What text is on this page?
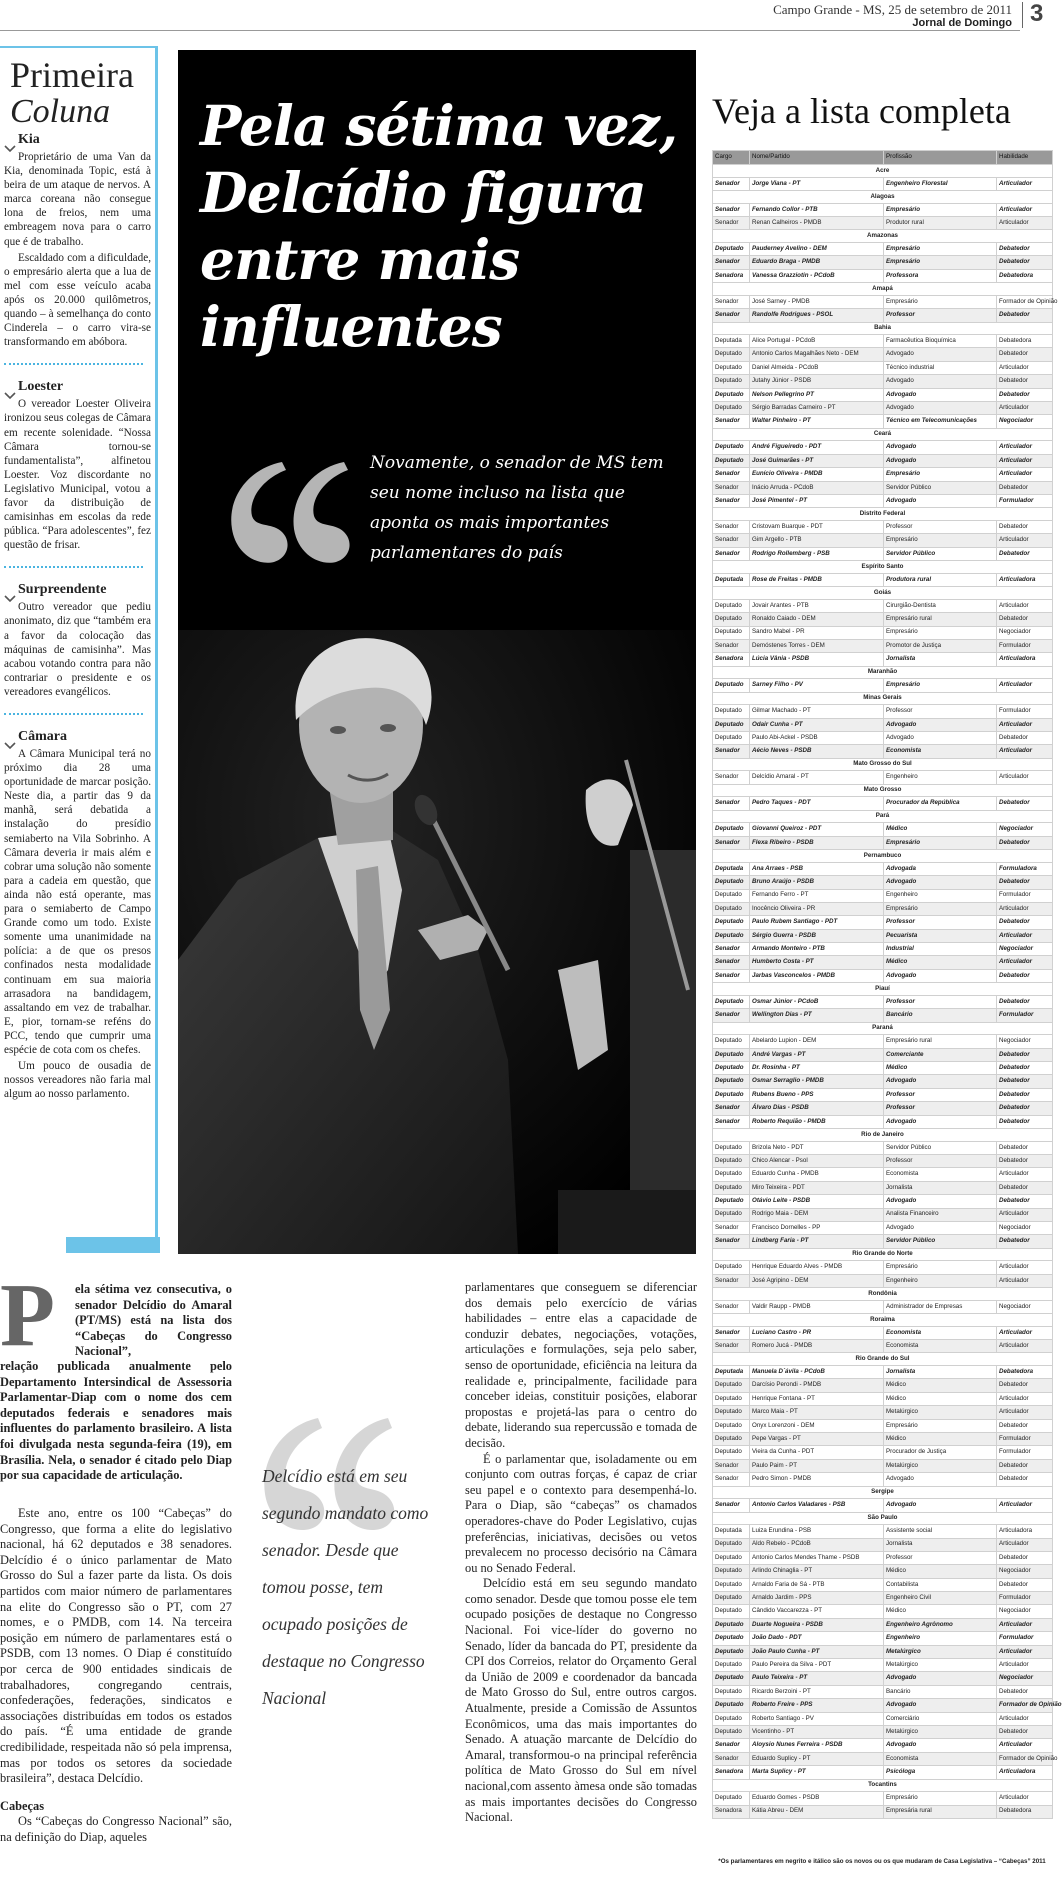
Campo Grande - MS, 25 de setembro de 2011
Jornal de Domingo 3
Primeira
Coluna
Kia

Proprietário de uma Van da Kia, denominada Topic, está à beira de um ataque de nervos. A marca coreana não consegue lona de freios, nem uma embreagem nova para o carro que é de trabalho.

Escaldado com a dificuldade, o empresário alerta que a lua de mel com esse veículo acaba após os 20.000 quilômetros, quando – à semelhança do conto Cinderela – o carro vira-se transformando em abóbora.

Loester

O vereador Loester Oliveira ironizou seus colegas de Câmara em recente solenidade. “Nossa Câmara tornou-se fundamentalista”, alfinetou Loester. Voz discordante no Legislativo Municipal, votou a favor da distribuição de camisinhas em escolas da rede pública. “Para adolescentes”, fez questão de frisar.

Surpreendente

Outro vereador que pediu anonimato, diz que “também era a favor da colocação das máquinas de camisinha”. Mas acabou votando contra para não contrariar o presidente e os vereadores evangélicos.

Câmara

A Câmara Municipal terá no próximo dia 28 uma oportunidade de marcar posição. Neste dia, a partir das 9 da manhã, será debatida a instalação do presídio semiaberto na Vila Sobrinho. A Câmara deveria ir mais além e cobrar uma solução não somente para a cadeia em questão, que ainda não está operante, mas para o semiaberto de Campo Grande como um todo. Existe somente uma unanimidade na polícia: a de que os presos confinados nesta modalidade continuam em sua maioria arrasadora na bandidagem, assaltando em vez de trabalhar. E, pior, tornam-se reféns do PCC, tendo que cumprir uma espécie de cota com os chefes.

Um pouco de ousadia de nossos vereadores não faria mal algum ao nosso parlamento.

Pela sétima vez, Delcídio figura entre mais influentes
Novamente, o senador de MS tem seu nome incluso na lista que aponta os mais importantes parlamentares do país
Veja a lista completa
Cargo	Nome/Partido	Profissão	Habilidade
Acre			
Senador	Jorge Viana - PT	Engenheiro Florestal	Articulador
Alagoas			
Senador	Fernando Collor - PTB	Empresário	Articulador
Senador	Renan Calheiros - PMDB	Produtor rural	Articulador
Amazonas			
Deputado	Pauderney Avelino - DEM	Empresário	Debatedor
Senador	Eduardo Braga - PMDB	Empresário	Debatedor
Senadora	Vanessa Grazziotin - PCdoB	Professora	Debatedora
Amapá			
Senador	José Sarney - PMDB	Empresário	Formador de Opinião
Senador	Randolfe Rodrigues - PSOL	Professor	Debatedor
Bahia			
Deputada	Alice Portugal - PCdoB	Farmacêutica Bioquímica	Debatedora
Deputado	Antonio Carlos Magalhães Neto - DEM	Advogado	Debatedor
Deputado	Daniel Almeida - PCdoB	Técnico industrial	Articulador
Deputado	Jutahy Júnior - PSDB	Advogado	Debatedor
Deputado	Nelson Pellegrino PT	Advogado	Debatedor
Deputado	Sérgio Barradas Carneiro - PT	Advogado	Articulador
Senador	Walter Pinheiro - PT	Técnico em Telecomunicações	Negociador
Ceará			
Deputado	André Figueiredo - PDT	Advogado	Articulador
Deputado	José Guimarães - PT	Advogado	Articulador
Senador	Eunício Oliveira - PMDB	Empresário	Articulador
Senador	Inácio Arruda - PCdoB	Servidor Público	Debatedor
Senador	José Pimentel - PT	Advogado	Formulador
Distrito Federal			
Senador	Cristovam Buarque - PDT	Professor	Debatedor
Senador	Gim Argello - PTB	Empresário	Articulador
Senador	Rodrigo Rollemberg - PSB	Servidor Público	Debatedor
Espírito Santo			
Deputada	Rose de Freitas - PMDB	Produtora rural	Articuladora
Goiás			
Deputado	Jovair Arantes - PTB	Cirurgião-Dentista	Articulador
Deputado	Ronaldo Caiado - DEM	Empresário rural	Debatedor
Deputado	Sandro Mabel - PR	Empresário	Negociador
Senador	Demóstenes Torres - DEM	Promotor de Justiça	Formulador
Senadora	Lúcia Vânia - PSDB	Jornalista	Articuladora
Maranhão			
Deputado	Sarney Filho - PV	Empresário	Articulador
Minas Gerais			
Deputado	Gilmar Machado - PT	Professor	Formulador
Deputado	Odair Cunha - PT	Advogado	Articulador
Deputado	Paulo Abi-Ackel - PSDB	Advogado	Debatedor
Senador	Aécio Neves - PSDB	Economista	Articulador
Mato Grosso do Sul			
Senador	Delcídio Amaral - PT	Engenheiro	Articulador
Mato Grosso			
Senador	Pedro Taques - PDT	Procurador da República	Debatedor
Pará			
Deputado	Giovanni Queiroz - PDT	Médico	Negociador
Senador	Flexa Ribeiro - PSDB	Empresário	Debatedor
Pernambuco			
Deputada	Ana Arraes - PSB	Advogada	Formuladora
Deputado	Bruno Araújo - PSDB	Advogado	Debatedor
Deputado	Fernando Ferro - PT	Engenheiro	Formulador
Deputado	Inocêncio Oliveira - PR	Empresário	Articulador
Deputado	Paulo Rubem Santiago - PDT	Professor	Debatedor
Deputado	Sérgio Guerra - PSDB	Pecuarista	Articulador
Senador	Armando Monteiro - PTB	Industrial	Negociador
Senador	Humberto Costa - PT	Médico	Articulador
Senador	Jarbas Vasconcelos - PMDB	Advogado	Debatedor
Piauí			
Deputado	Osmar Júnior - PCdoB	Professor	Debatedor
Senador	Wellington Dias - PT	Bancário	Formulador
Paraná			
Deputado	Abelardo Lupion - DEM	Empresário rural	Negociador
Deputado	André Vargas - PT	Comerciante	Debatedor
Deputado	Dr. Rosinha - PT	Médico	Debatedor
Deputado	Osmar Serraglio - PMDB	Advogado	Debatedor
Deputado	Rubens Bueno - PPS	Professor	Debatedor
Senador	Álvaro Dias - PSDB	Professor	Debatedor
Senador	Roberto Requião - PMDB	Advogado	Debatedor
Rio de Janeiro			
Deputado	Brizola Neto - PDT	Servidor Público	Debatedor
Deputado	Chico Alencar - Psol	Professor	Debatedor
Deputado	Eduardo Cunha - PMDB	Economista	Articulador
Deputado	Miro Teixeira - PDT	Jornalista	Debatedor
Deputado	Otávio Leite - PSDB	Advogado	Debatedor
Deputado	Rodrigo Maia - DEM	Analista Financeiro	Articulador
Senador	Francisco Dornelles - PP	Advogado	Negociador
Senador	Lindberg Faria - PT	Servidor Público	Debatedor
Rio Grande do Norte			
Deputado	Henrique Eduardo Alves - PMDB	Empresário	Articulador
Senador	José Agripino - DEM	Engenheiro	Articulador
Rondônia			
Senador	Valdir Raupp - PMDB	Administrador de Empresas	Negociador
Roraima			
Senador	Luciano Castro - PR	Economista	Articulador
Senador	Romero Jucá - PMDB	Economista	Articulador
Rio Grande do Sul			
Deputada	Manuela D´ávila - PCdoB	Jornalista	Debatedora
Deputado	Darcísio Perondi - PMDB	Médico	Debatedor
Deputado	Henrique Fontana - PT	Médico	Articulador
Deputado	Marco Maia - PT	Metalúrgico	Articulador
Deputado	Onyx Lorenzoni - DEM	Empresário	Debatedor
Deputado	Pepe Vargas - PT	Médico	Formulador
Deputado	Vieira da Cunha - PDT	Procurador de Justiça	Formulador
Senador	Paulo Paim - PT	Metalúrgico	Debatedor
Senador	Pedro Simon - PMDB	Advogado	Debatedor
Sergipe			
Senador	Antonio Carlos Valadares - PSB	Advogado	Articulador
São Paulo			
Deputada	Luiza Erundina - PSB	Assistente social	Articuladora
Deputado	Aldo Rebelo - PCdoB	Jornalista	Articulador
Deputado	Antonio Carlos Mendes Thame - PSDB	Professor	Debatedor
Deputado	Arlindo Chinaglia - PT	Médico	Negociador
Deputado	Arnaldo Faria de Sá - PTB	Contabilista	Debatedor
Deputado	Arnaldo Jardim - PPS	Engenheiro Civil	Formulador
Deputado	Cândido Vaccarezza - PT	Médico	Negociador
Deputado	Duarte Nogueira - PSDB	Engenheiro Agrônomo	Articulador
Deputado	João Dado - PDT	Engenheiro	Formulador
Deputado	João Paulo Cunha - PT	Metalúrgico	Articulador
Deputado	Paulo Pereira da Silva - PDT	Metalúrgico	Articulador
Deputado	Paulo Teixeira - PT	Advogado	Negociador
Deputado	Ricardo Berzoini - PT	Bancário	Debatedor
Deputado	Roberto Freire - PPS	Advogado	Formador de Opinião
Deputado	Roberto Santiago - PV	Comerciário	Articulador
Deputado	Vicentinho - PT	Metalúrgico	Debatedor
Senador	Aloysio Nunes Ferreira - PSDB	Advogado	Articulador
Senador	Eduardo Suplicy - PT	Economista	Formador de Opinião
Senadora	Marta Suplicy - PT	Psicóloga	Articuladora
Tocantins			
Deputado	Eduardo Gomes - PSDB	Empresário	Articulador
Senadora	Kátia Abreu - DEM	Empresária rural	Debatedora
*Os parlamentares em negrito e itálico são os novos ou os que mudaram de Casa Legislativa – “Cabeças” 2011
P ela sétima vez consecutiva, o senador Delcídio do Amaral (PT/MS) está na lista dos “Cabeças do Congresso Nacional”,
relação publicada anualmente pelo Departamento Intersindical de Assessoria Parlamentar-Diap com o nome dos cem deputados federais e senadores mais influentes do parlamento brasileiro. A lista foi divulgada nesta segunda-feira (19), em Brasília. Nela, o senador é citado pelo Diap por sua capacidade de articulação.

Este ano, entre os 100 “Cabeças” do Congresso, que forma a elite do legislativo nacional, há 62 deputados e 38 senadores. Delcídio é o único parlamentar de Mato Grosso do Sul a fazer parte da lista. Os dois partidos com maior número de parlamentares na elite do Congresso são o PT, com 27 nomes, e o PMDB, com 14. Na terceira posição em número de parlamentares está o PSDB, com 13 nomes. O Diap é constituído por cerca de 900 entidades sindicais de trabalhadores, congregando centrais, confederações, federações, sindicatos e associações distribuídas em todos os estados do país. “É uma entidade de grande credibilidade, respeitada não só pela imprensa, mas por todos os setores da sociedade brasileira”, destaca Delcídio.

Cabeças

Os “Cabeças do Congresso Nacional” são, na definição do Diap, aqueles

Delcídio está em seu segundo mandato como senador. Desde que tomou posse, tem ocupado posições de destaque no Congresso Nacional

parlamentares que conseguem se diferenciar dos demais pelo exercício de várias habilidades – entre elas a capacidade de conduzir debates, negociações, votações, articulações e formulações, seja pelo saber, senso de oportunidade, eficiência na leitura da realidade e, principalmente, facilidade para conceber ideias, constituir posições, elaborar propostas e projetá-las para o centro do debate, liderando sua repercussão e tomada de decisão.

É o parlamentar que, isoladamente ou em conjunto com outras forças, é capaz de criar seu papel e o contexto para desempenhá-lo. Para o Diap, são “cabeças” os chamados operadores-chave do Poder Legislativo, cujas preferências, iniciativas, decisões ou vetos prevalecem no processo decisório na Câmara ou no Senado Federal.

Delcídio está em seu segundo mandato como senador. Desde que tomou posse ele tem ocupado posições de destaque no Congresso Nacional. Foi vice-líder do governo no Senado, líder da bancada do PT, presidente da CPI dos Correios, relator do Orçamento Geral da União de 2009 e coordenador da bancada de Mato Grosso do Sul, entre outros cargos. Atualmente, preside a Comissão de Assuntos Econômicos, uma das mais importantes do Senado. A atuação marcante de Delcídio do Amaral, transformou-o na principal referência política de Mato Grosso do Sul em nível nacional,com assento àmesa onde são tomadas as mais importantes decisões do Congresso Nacional.
